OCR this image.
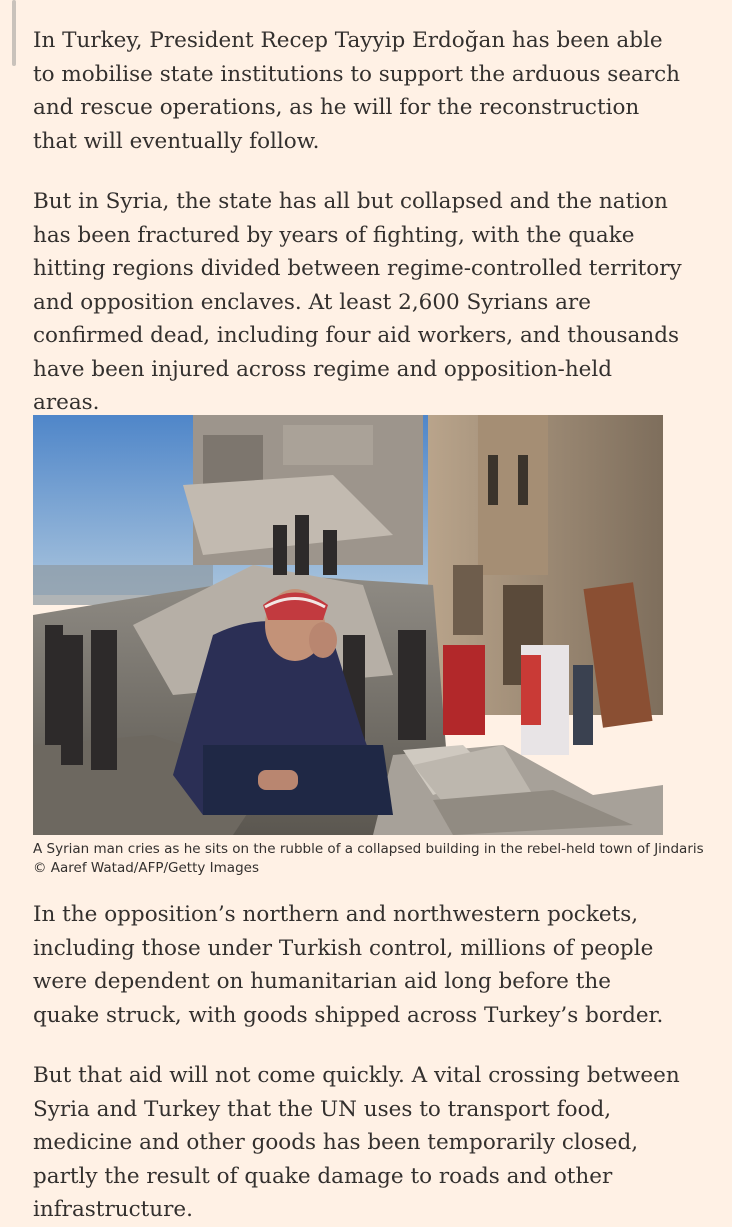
In Turkey, President Recep Tayyip Erdoğan has been able to mobilise state institutions to support the arduous search and rescue operations, as he will for the reconstruction that will eventually follow.

But in Syria, the state has all but collapsed and the nation has been fractured by years of fighting, with the quake hitting regions divided between regime-controlled territory and opposition enclaves. At least 2,600 Syrians are confirmed dead, including four aid workers, and thousands have been injured across regime and opposition-held areas.

A Syrian man cries as he sits on the rubble of a collapsed building in the rebel-held town of Jindaris
© Aaref Watad/AFP/Getty Images

In the opposition’s northern and northwestern pockets, including those under Turkish control, millions of people were dependent on humanitarian aid long before the quake struck, with goods shipped across Turkey’s border.

But that aid will not come quickly. A vital crossing between Syria and Turkey that the UN uses to transport food, medicine and other goods has been temporarily closed, partly the result of quake damage to roads and other infrastructure.
